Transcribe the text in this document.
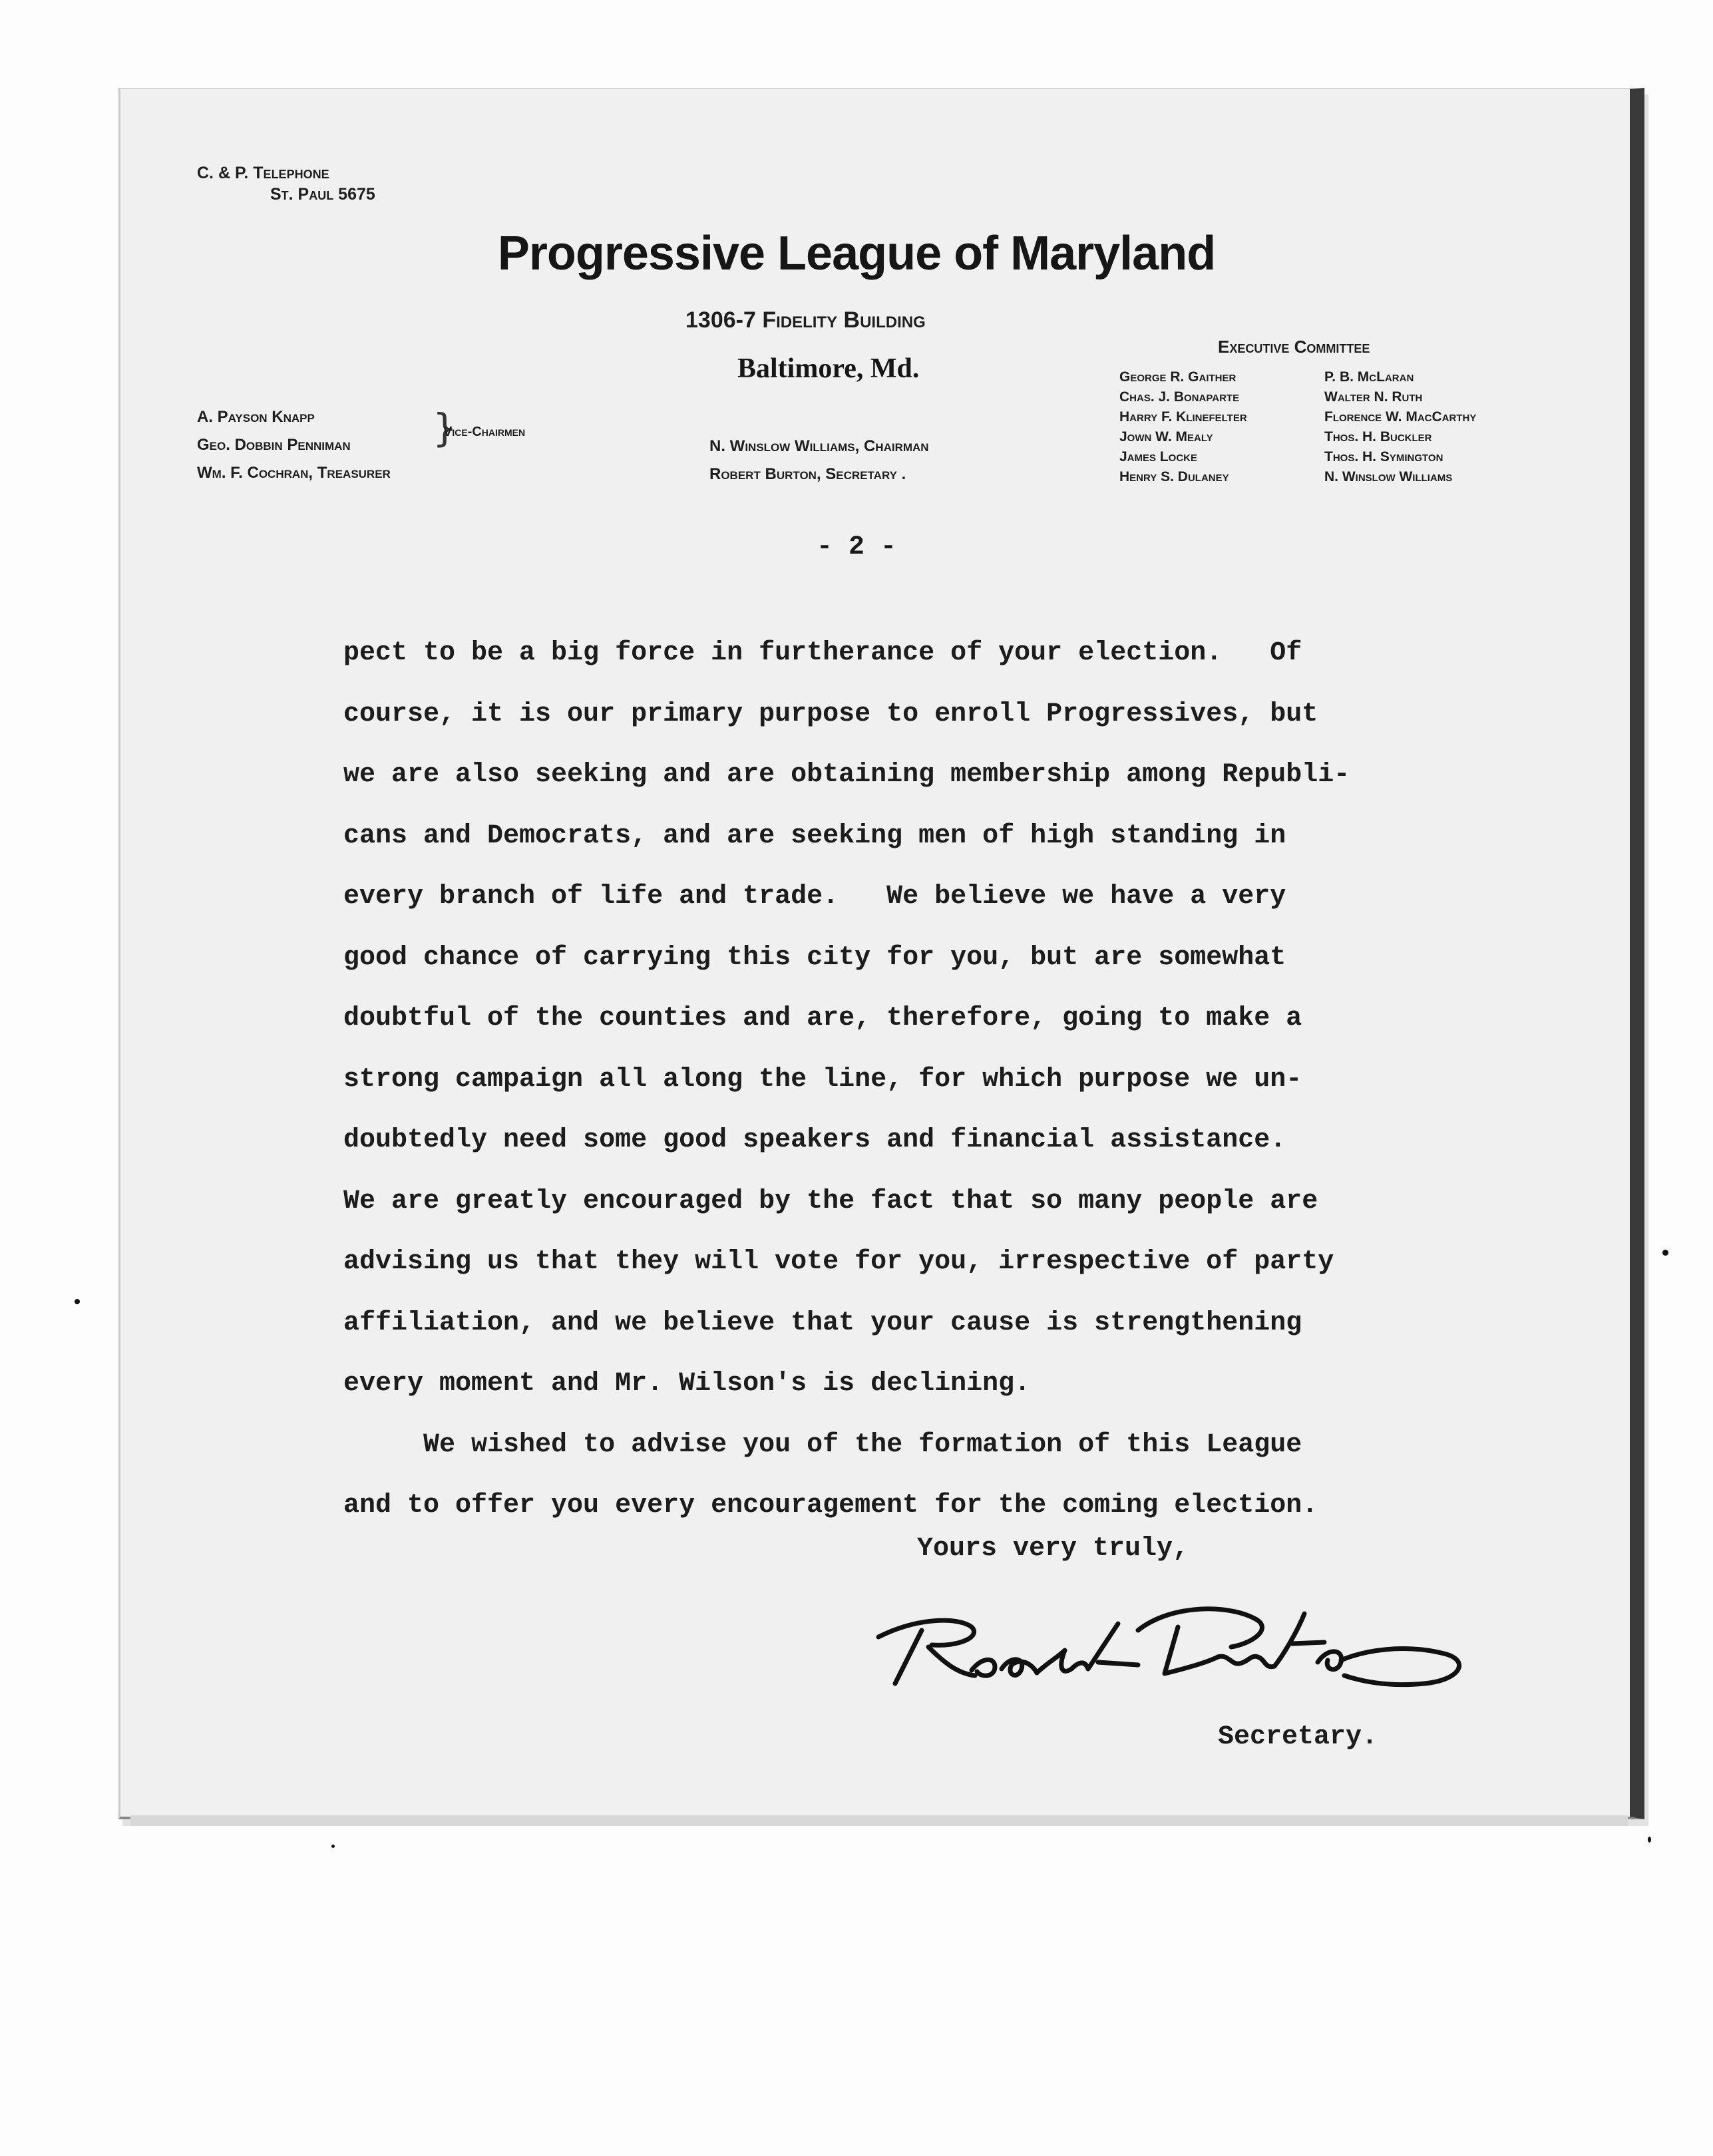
C. & P. Telephone
St. Paul 5675
Progressive League of Maryland
1306-7 Fidelity Building
Baltimore, Md.
A. Payson Knapp
Geo. Dobbin Penniman
Wm. F. Cochran, Treasurer
}
Vice-Chairmen
N. Winslow Williams, Chairman
Robert Burton, Secretary .
Executive Committee
George R. Gaither
Chas. J. Bonaparte
Harry F. Klinefelter
Jown W. Mealy
James Locke
Henry S. Dulaney
P. B. McLaran
Walter N. Ruth
Florence W. MacCarthy
Thos. H. Buckler
Thos. H. Symington
N. Winslow Williams
- 2 -
pect to be a big force in furtherance of your election.   Of
course, it is our primary purpose to enroll Progressives, but
we are also seeking and are obtaining membership among Republi-
cans and Democrats, and are seeking men of high standing in
every branch of life and trade.   We believe we have a very
good chance of carrying this city for you, but are somewhat
doubtful of the counties and are, therefore, going to make a
strong campaign all along the line, for which purpose we un-
doubtedly need some good speakers and financial assistance.
We are greatly encouraged by the fact that so many people are
advising us that they will vote for you, irrespective of party
affiliation, and we believe that your cause is strengthening
every moment and Mr. Wilson's is declining.
We wished to advise you of the formation of this League
and to offer you every encouragement for the coming election.
Yours very truly,
Secretary.
